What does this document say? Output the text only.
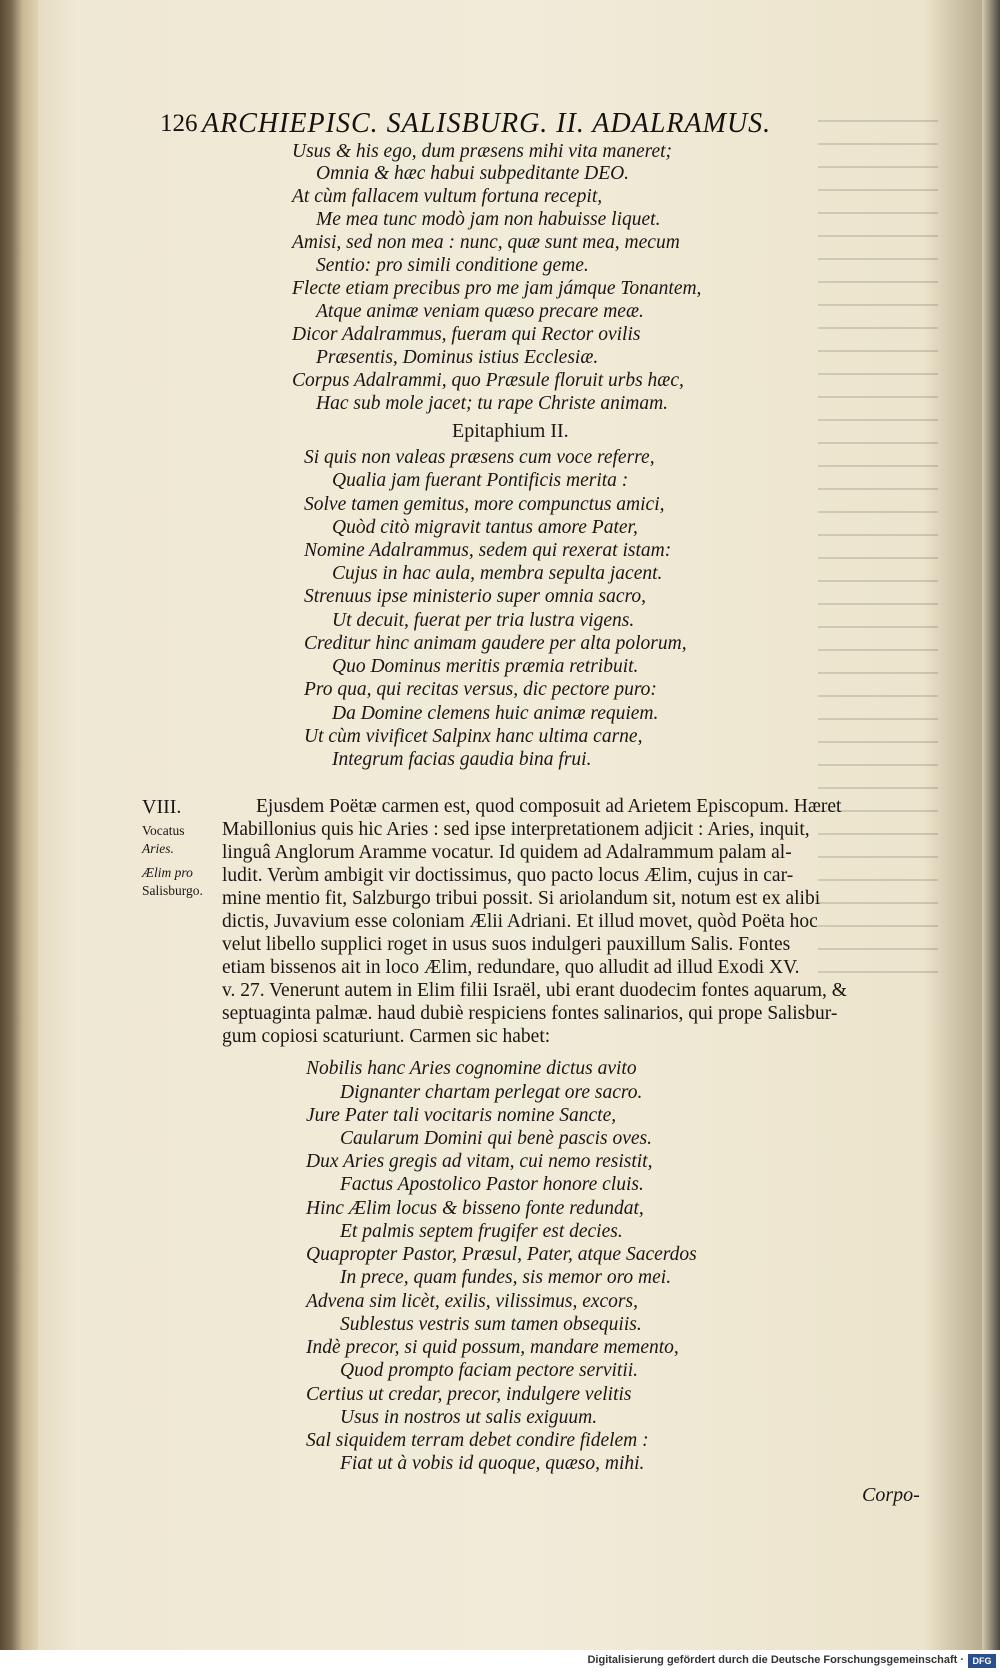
126 ARCHIEPISC. SALISBURG. II. ADALRAMUS.
Usus & his ego, dum præsens mihi vita maneret;
Omnia & hæc habui subpeditante DEO.
At cùm fallacem vultum fortuna recepit,
Me mea tunc modò jam non habuisse liquet.
Amisi, sed non mea : nunc, quæ sunt mea, mecum
Sentio: pro simili conditione geme.
Flecte etiam precibus pro me jam jámque Tonantem,
Atque animæ veniam quæso precare meæ.
Dicor Adalrammus, fueram qui Rector ovilis
Præsentis, Dominus istius Ecclesiæ.
Corpus Adalrammi, quo Præsule floruit urbs hæc,
Hac sub mole jacet; tu rape Christe animam.
Epitaphium II.
Si quis non valeas præsens cum voce referre,
Qualia jam fuerant Pontificis merita :
Solve tamen gemitus, more compunctus amici,
Quòd citò migravit tantus amore Pater,
Nomine Adalrammus, sedem qui rexerat istam:
Cujus in hac aula, membra sepulta jacent.
Strenuus ipse ministerio super omnia sacro,
Ut decuit, fuerat per tria lustra vigens.
Creditur hinc animam gaudere per alta polorum,
Quo Dominus meritis præmia retribuit.
Pro qua, qui recitas versus, dic pectore puro:
Da Domine clemens huic animæ requiem.
Ut cùm vivificet Salpinx hanc ultima carne,
Integrum facias gaudia bina frui.
VIII.
Vocatus
Aries.
Ælim pro
Salisburgo.
Ejusdem Poëtæ carmen est, quod composuit ad Arietem Episcopum. Hæret
Mabillonius quis hic Aries : sed ipse interpretationem adjicit : Aries, inquit,
linguâ Anglorum Aramme vocatur. Id quidem ad Adalrammum palam al-
ludit. Verùm ambigit vir doctissimus, quo pacto locus Ælim, cujus in car-
mine mentio fit, Salzburgo tribui possit. Si ariolandum sit, notum est ex alibi
dictis, Juvavium esse coloniam Ælii Adriani. Et illud movet, quòd Poëta hoc
velut libello supplici roget in usus suos indulgeri pauxillum Salis. Fontes
etiam bissenos ait in loco Ælim, redundare, quo alludit ad illud Exodi XV.
v. 27. Venerunt autem in Elim filii Israël, ubi erant duodecim fontes aquarum, &
septuaginta palmæ. haud dubiè respiciens fontes salinarios, qui prope Salisbur-
gum copiosi scaturiunt. Carmen sic habet:
Nobilis hanc Aries cognomine dictus avito
Dignanter chartam perlegat ore sacro.
Jure Pater tali vocitaris nomine Sancte,
Caularum Domini qui benè pascis oves.
Dux Aries gregis ad vitam, cui nemo resistit,
Factus Apostolico Pastor honore cluis.
Hinc Ælim locus & bisseno fonte redundat,
Et palmis septem frugifer est decies.
Quapropter Pastor, Præsul, Pater, atque Sacerdos
In prece, quam fundes, sis memor oro mei.
Advena sim licèt, exilis, vilissimus, excors,
Sublestus vestris sum tamen obsequiis.
Indè precor, si quid possum, mandare memento,
Quod prompto faciam pectore servitii.
Certius ut credar, precor, indulgere velitis
Usus in nostros ut salis exiguum.
Sal siquidem terram debet condire fidelem :
Fiat ut à vobis id quoque, quæso, mihi.
Corpo-
Digitalisierung gefördert durch die Deutsche Forschungsgemeinschaft · DFG
